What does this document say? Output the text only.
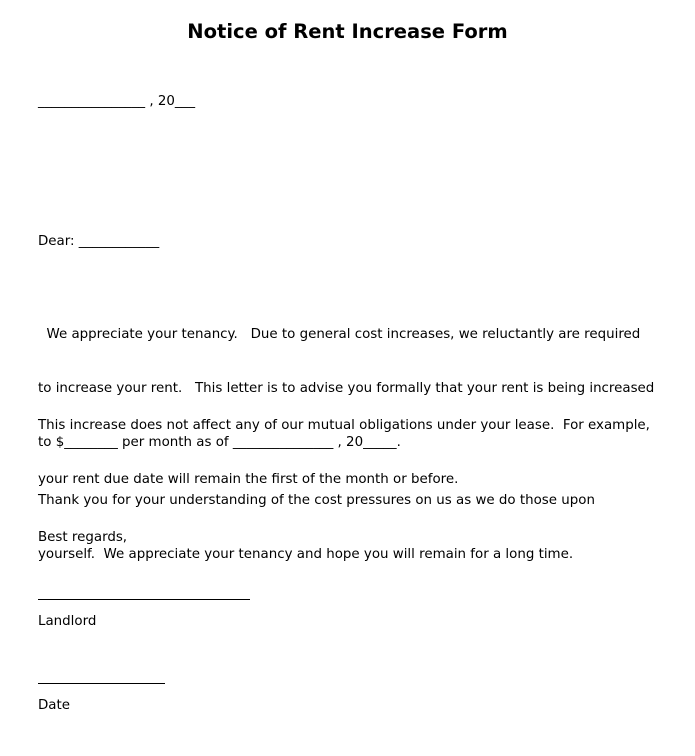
Notice of Rent Increase Form

________________ , 20___

Dear: ____________

We appreciate your tenancy.   Due to general cost increases, we reluctantly are required

to increase your rent.   This letter is to advise you formally that your rent is being increased

to $________ per month as of _______________ , 20_____.

This increase does not affect any of our mutual obligations under your lease.  For example,

your rent due date will remain the first of the month or before.

Thank you for your understanding of the cost pressures on us as we do those upon

yourself.  We appreciate your tenancy and hope you will remain for a long time.

Best regards,

Landlord

Date
